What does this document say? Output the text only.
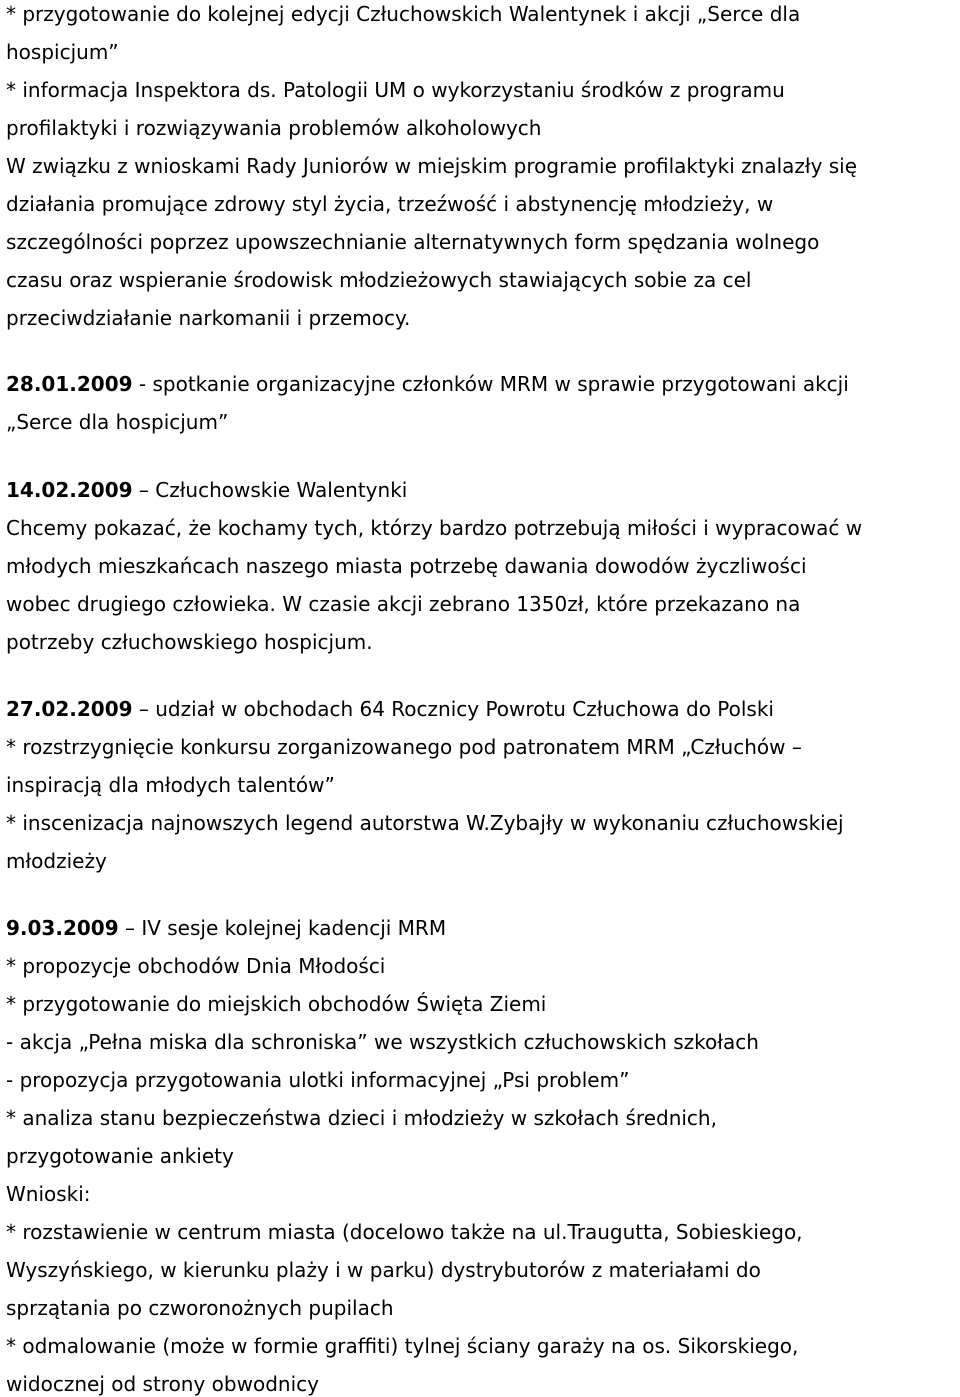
* przygotowanie do kolejnej edycji Człuchowskich Walentynek i akcji „Serce dla
hospicjum”
* informacja Inspektora ds. Patologii UM o wykorzystaniu środków z programu
profilaktyki i rozwiązywania problemów alkoholowych
W związku z wnioskami Rady Juniorów w miejskim programie profilaktyki znalazły się
działania promujące zdrowy styl życia, trzeźwość i abstynencję młodzieży, w
szczególności poprzez upowszechnianie alternatywnych form spędzania wolnego
czasu oraz wspieranie środowisk młodzieżowych stawiających sobie za cel
przeciwdziałanie narkomanii i przemocy.
28.01.2009 - spotkanie organizacyjne członków MRM w sprawie przygotowani akcji
„Serce dla hospicjum”
14.02.2009 – Człuchowskie Walentynki
Chcemy pokazać, że kochamy tych, którzy bardzo potrzebują miłości i wypracować w
młodych mieszkańcach naszego miasta potrzebę dawania dowodów życzliwości
wobec drugiego człowieka. W czasie akcji zebrano 1350zł, które przekazano na
potrzeby człuchowskiego hospicjum.
27.02.2009 – udział w obchodach 64 Rocznicy Powrotu Człuchowa do Polski
* rozstrzygnięcie konkursu zorganizowanego pod patronatem MRM „Człuchów –
inspiracją dla młodych talentów”
* inscenizacja najnowszych legend autorstwa W.Zybajły w wykonaniu człuchowskiej
młodzieży
9.03.2009 – IV sesje kolejnej kadencji MRM
* propozycje obchodów Dnia Młodości
* przygotowanie do miejskich obchodów Święta Ziemi
- akcja „Pełna miska dla schroniska” we wszystkich człuchowskich szkołach
- propozycja przygotowania ulotki informacyjnej „Psi problem”
* analiza stanu bezpieczeństwa dzieci i młodzieży w szkołach średnich,
przygotowanie ankiety
Wnioski:
* rozstawienie w centrum miasta (docelowo także na ul.Traugutta, Sobieskiego,
Wyszyńskiego, w kierunku plaży i w parku) dystrybutorów z materiałami do
sprzątania po czworonożnych pupilach
* odmalowanie (może w formie graffiti) tylnej ściany garaży na os. Sikorskiego,
widocznej od strony obwodnicy
